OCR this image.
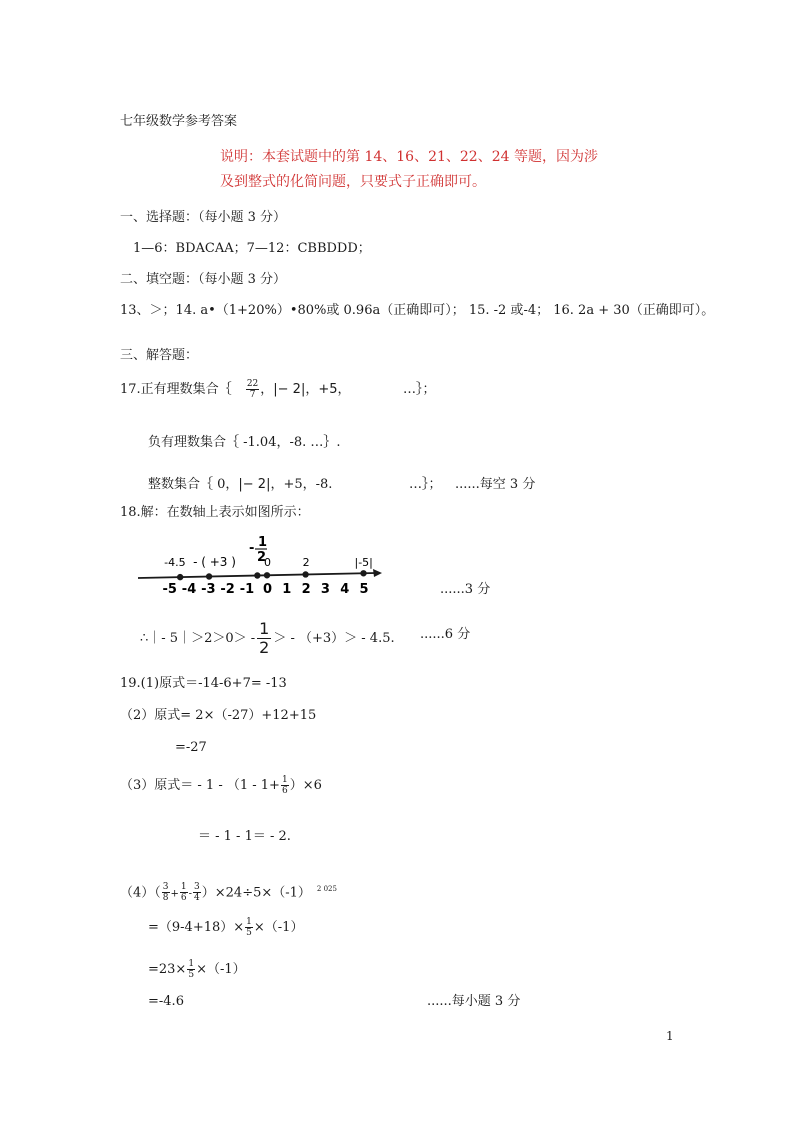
七年级数学参考答案
说明：本套试题中的第 14、16、21、22、24 等题，因为涉
及到整式的化简问题，只要式子正确即可。
一、选择题：（每小题 3 分）
1—6：BDACAA；7—12：CBBDDD；
二、填空题：（每小题 3 分）
13、＞；14. a•（1+20%）•80%或 0.96a（正确即可）； 15. -2 或-4； 16. 2a + 30（正确即可）。
三、解答题：
17.正有理数集合｛ $\frac{22}{7}$ ，|− 2|，+5，	…｝；
负有理数集合｛ -1.04，-8. …｝.
整数集合｛ 0，|− 2|，+5，-8.	…｝； ......每空 3 分
18.解：在数轴上表示如图所示：
-5 -4 -3 -2 -1 0 1 2 3 4 5
-4.5 - ( +3 )	0	2	|-5|
- 1
2
......3 分
∴｜- 5｜＞2＞0＞ - $\frac{1}{2}$ ＞ - （+3）＞ - 4.5. ......6 分
19.(1)原式＝-14-6+7= -13
（2）原式= 2×（-27）+12+15
=-27
（3）原式＝ - $1 - (1 - 1+ \frac{1}{6} )\times 6$
＝ - 1 - 1＝ - 2.
$(4)( \frac{3}{8} + \frac{1}{6} - \frac{3}{4} )\times 24\div 5\times(-1)$ $^{2 025}$
$=(9-4+18)\times \frac{1}{5} \times(-1)$
$=23\times \frac{1}{5} \times(-1)$
=-4.6	......每小题 3 分
1
